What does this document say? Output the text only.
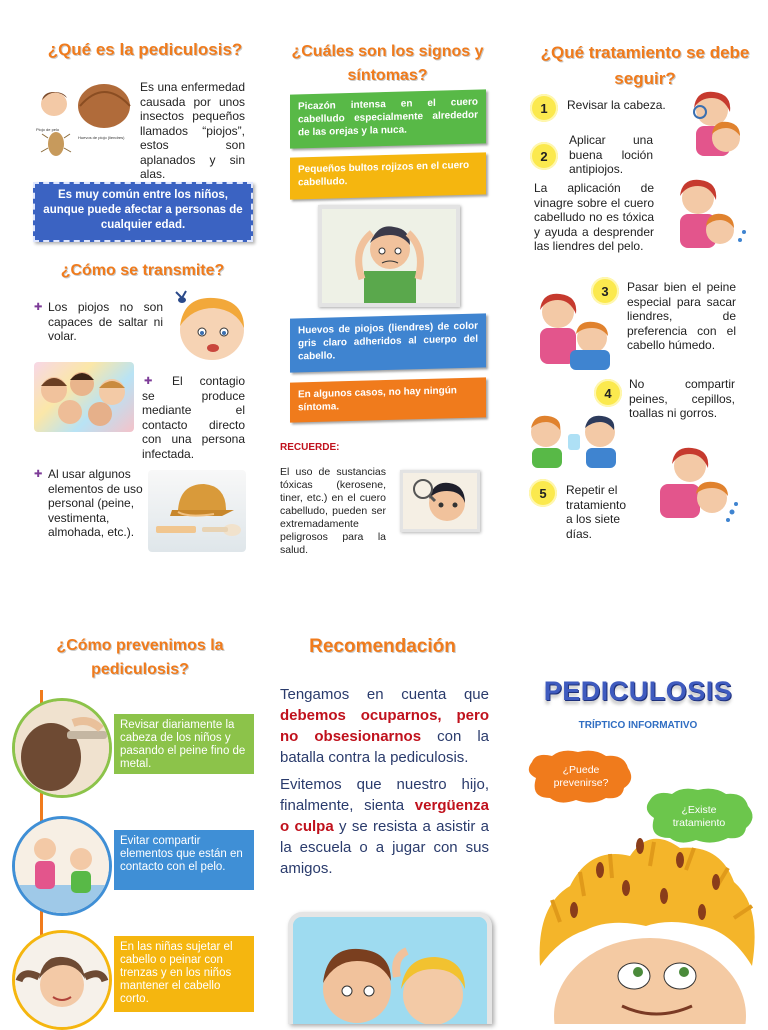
¿Qué es la pediculosis?
Piojo de pelo
Huevos de piojo (liendres)
Es una enfermedad causada por unos insectos pequeños llamados “piojos”, estos son aplanados y sin alas.
Es muy común entre los niños, aunque puede afectar a personas de cualquier edad.
¿Cómo se transmite?
✚ Los piojos no son capaces de saltar ni volar.
✚	El contagio se produce mediante el contacto directo con una persona infectada.
✚ Al usar algunos elementos de uso personal (peine, vestimenta, almohada, etc.).
¿Cuáles son los signos y síntomas?
Picazón intensa en el cuero cabelludo especialmente alrededor de las orejas y la nuca.
Pequeños bultos rojizos en el cuero cabelludo.
Huevos de piojos (liendres) de color gris claro adheridos al cuerpo del cabello.
En algunos casos, no hay ningún síntoma.
RECUERDE:
El uso de sustancias tóxicas (kerosene, tiner, etc.) en el cuero cabelludo, pueden ser extremadamente peligrosos para la salud.
¿Qué tratamiento se debe seguir?
1	Revisar la cabeza.
2
Aplicar una buena loción antipiojos.
La aplicación de vinagre sobre el cuero cabelludo no es tóxica y ayuda a desprender las liendres del pelo.
3	Pasar bien el peine especial para sacar liendres, de preferencia con el cabello húmedo.
4
No compartir peines, cepillos, toallas ni gorros.
5	Repetir el tratamiento a los siete días.
¿Cómo prevenimos la pediculosis?
Revisar diariamente la cabeza de los niños y pasando el peine fino de metal.
Evitar compartir elementos que están en contacto con el pelo.
En las niñas sujetar el cabello o peinar con trenzas y en los niños mantener el cabello corto.
Recomendación
Tengamos en cuenta que debemos ocuparnos, pero no obsesionarnos con la batalla contra la pediculosis.
Evitemos que nuestro hijo, finalmente, sienta vergüenza o culpa y se resista a asistir a la escuela o a jugar con sus amigos.
PEDICULOSIS
TRÍPTICO INFORMATIVO
¿Puede prevenirse?
¿Existe tratamiento
